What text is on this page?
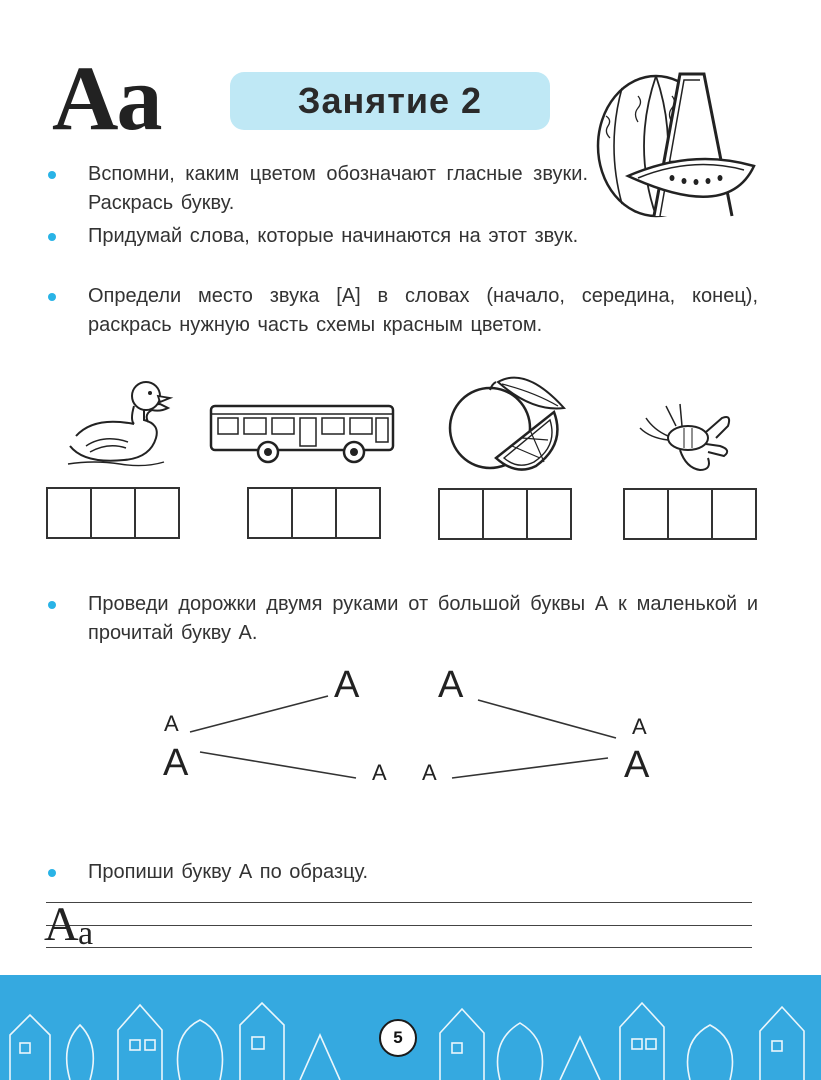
Aa	Занятие 2
Вспомни, каким цветом обозначают гласные звуки. Раскрась букву.
Придумай слова, которые начинаются на этот звук.
Определи место звука [А] в словах (начало, середина, конец), раскрась нужную часть схемы красным цветом.
Проведи дорожки двумя руками от большой буквы А к маленькой и прочитай букву А.
А А
А
А	А А
А
А
Пропиши букву А по образцу.
A a
5
